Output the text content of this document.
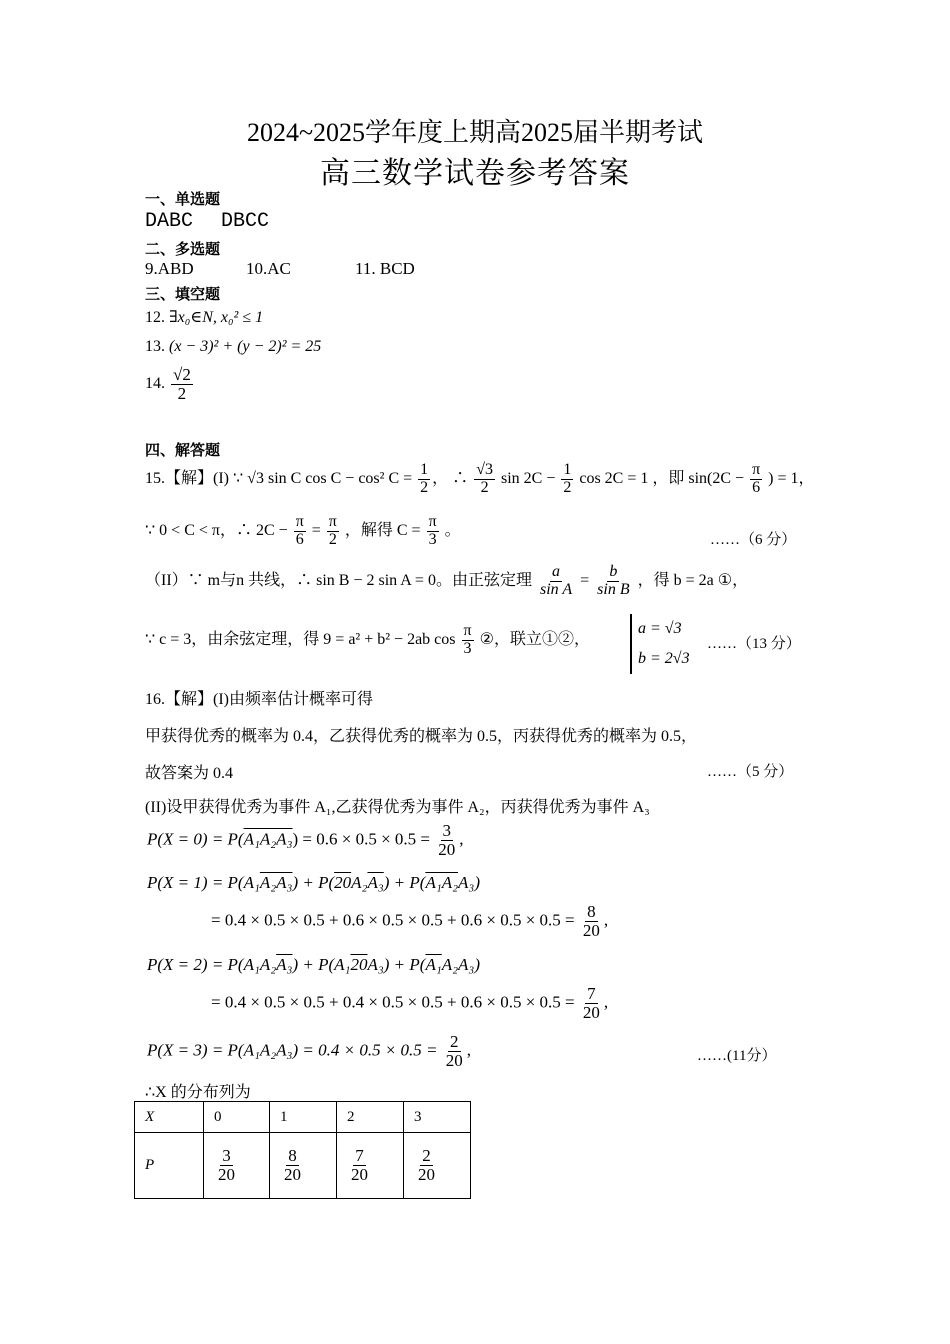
2024~2025学年度上期高2025届半期考试
高三数学试卷参考答案
一、单选题
DABC DBCC
二、多选题
9.ABD	10.AC	11. BCD
三、填空题
12. ∃x₀∈N, x₀² ≤ 1
13. (x − 3)² + (y − 2)² = 25
14. $\frac{√2}{2}$
四、解答题
15.【解】(I) ∵ √3 sin C cos C − cos² $C = \frac{1}{2}$ ， ∴ $\frac{√3}{2}$ $\sin 2C - \frac{1}{2}$ cos 2C = 1 ，即 $\sin(2C - \frac{\pi}{6}$ ) = 1，
∵ 0 < C < π，∴ $2C - \frac{\pi}{6} = \frac{\pi}{2}$ ，解得 $C = \frac{\pi}{3}$ 。
……（6 分）
（II）∵ m与n 共线，∴ sin B − 2 sin A = 0。由正弦定理 $\frac{a}{\text{sin A}} = \frac{b}{\text{sin B}}$ ，得 b = 2a ①，
∵ c = 3，由余弦定理，得 9 = a² + b² − 2ab $\cos \frac{\pi}{3}$ ②，联立①②，
a = √3
b = 2√3
……（13 分）
16.【解】(I)由频率估计概率可得
甲获得优秀的概率为 0.4，乙获得优秀的概率为 0.5，丙获得优秀的概率为 0.5，
故答案为 0.4	……（5 分）
(II)设甲获得优秀为事件 A₁,乙获得优秀为事件 A₂，丙获得优秀为事件 A₃
$P(X = 0) = P(A_1A_2A_3) = 0.6 \times 0.5 \times 0.5 = \frac{3}{20}$ ,
P(X = 1) = P(A₁A₂A₃) + P(20A₂A₃) + P(A₁A₂A₃)
= $0.4 \times 0.5 \times 0.5 + 0.6 \times 0.5 \times 0.5 + 0.6 \times 0.5 \times 0.5 = \frac{8}{20}$ ,
P(X = 2) = P(A₁A₂A₃) + P(A₁20A₃) + P(A₁A₂A₃)
= $0.4 \times 0.5 \times 0.5 + 0.4 \times 0.5 \times 0.5 + 0.6 \times 0.5 \times 0.5 = \frac{7}{20}$ ,
$P(X = 3) = P(A_1A_2A_3) = 0.4 \times 0.5 \times 0.5 = \frac{2}{20}$ ,	……(11分）
∴X 的分布列为
X	0	1	2	3
P	$\frac{3}{20}$	$\frac{8}{20}$	$\frac{7}{20}$	$\frac{2}{20}$
